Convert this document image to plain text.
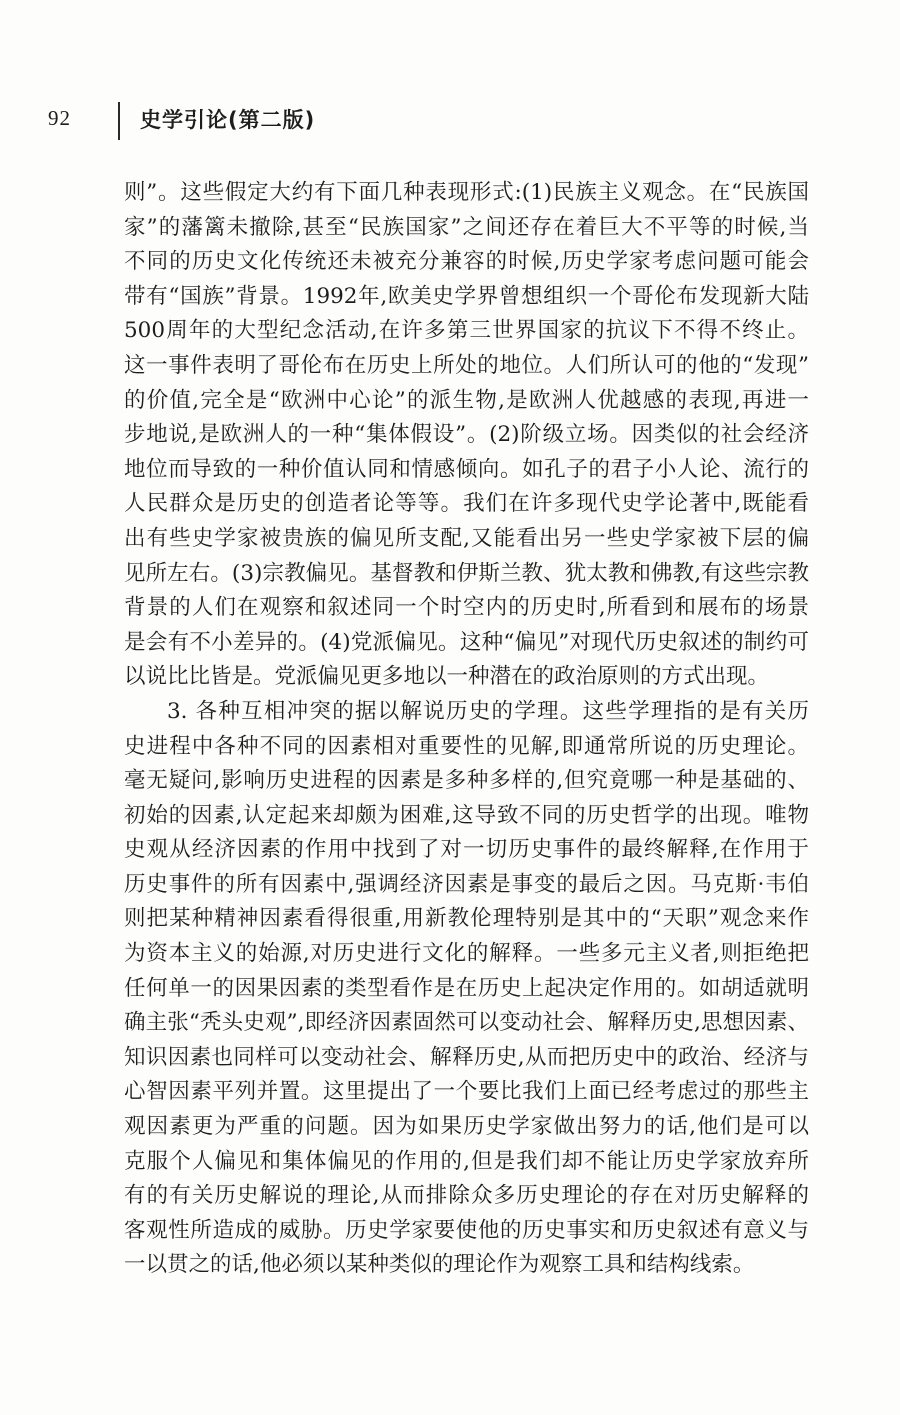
92	史学引论(第二版)
则”。这些假定大约有下面几种表现形式:(1)民族主义观念。在“民族国
家”的藩篱未撤除,甚至“民族国家”之间还存在着巨大不平等的时候,当
不同的历史文化传统还未被充分兼容的时候,历史学家考虑问题可能会
带有“国族”背景。1992年,欧美史学界曾想组织一个哥伦布发现新大陆
500周年的大型纪念活动,在许多第三世界国家的抗议下不得不终止。
这一事件表明了哥伦布在历史上所处的地位。人们所认可的他的“发现”
的价值,完全是“欧洲中心论”的派生物,是欧洲人优越感的表现,再进一
步地说,是欧洲人的一种“集体假设”。(2)阶级立场。因类似的社会经济
地位而导致的一种价值认同和情感倾向。如孔子的君子小人论、流行的
人民群众是历史的创造者论等等。我们在许多现代史学论著中,既能看
出有些史学家被贵族的偏见所支配,又能看出另一些史学家被下层的偏
见所左右。(3)宗教偏见。基督教和伊斯兰教、犹太教和佛教,有这些宗教
背景的人们在观察和叙述同一个时空内的历史时,所看到和展布的场景
是会有不小差异的。(4)党派偏见。这种“偏见”对现代历史叙述的制约可
以说比比皆是。党派偏见更多地以一种潜在的政治原则的方式出现。
3. 各种互相冲突的据以解说历史的学理。这些学理指的是有关历
史进程中各种不同的因素相对重要性的见解,即通常所说的历史理论。
毫无疑问,影响历史进程的因素是多种多样的,但究竟哪一种是基础的、
初始的因素,认定起来却颇为困难,这导致不同的历史哲学的出现。唯物
史观从经济因素的作用中找到了对一切历史事件的最终解释,在作用于
历史事件的所有因素中,强调经济因素是事变的最后之因。马克斯·韦伯
则把某种精神因素看得很重,用新教伦理特别是其中的“天职”观念来作
为资本主义的始源,对历史进行文化的解释。一些多元主义者,则拒绝把
任何单一的因果因素的类型看作是在历史上起决定作用的。如胡适就明
确主张“秃头史观”,即经济因素固然可以变动社会、解释历史,思想因素、
知识因素也同样可以变动社会、解释历史,从而把历史中的政治、经济与
心智因素平列并置。这里提出了一个要比我们上面已经考虑过的那些主
观因素更为严重的问题。因为如果历史学家做出努力的话,他们是可以
克服个人偏见和集体偏见的作用的,但是我们却不能让历史学家放弃所
有的有关历史解说的理论,从而排除众多历史理论的存在对历史解释的
客观性所造成的威胁。历史学家要使他的历史事实和历史叙述有意义与
一以贯之的话,他必须以某种类似的理论作为观察工具和结构线索。
